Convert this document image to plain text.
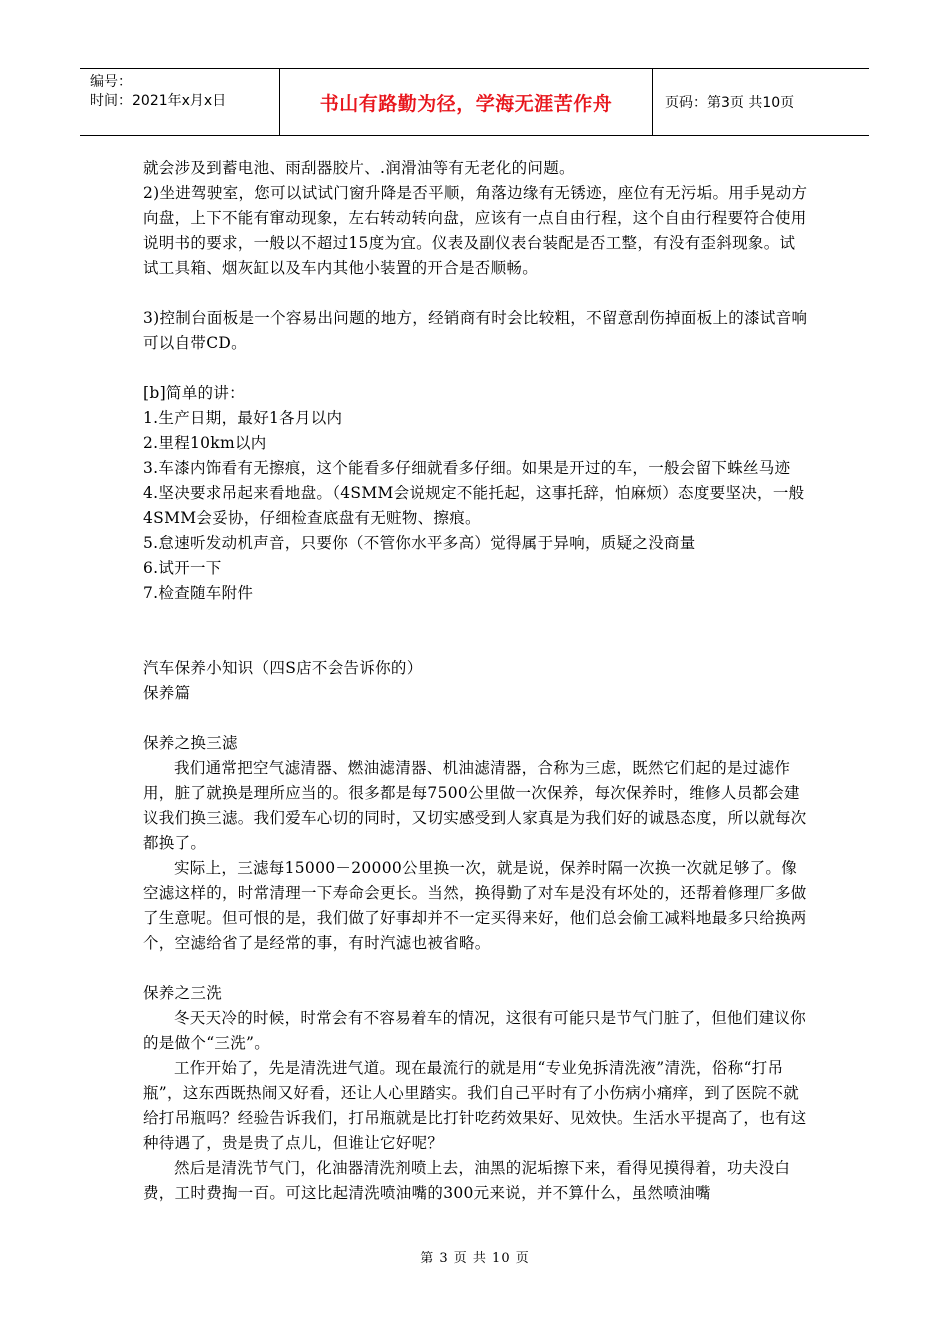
编号：
时间：2021年x月x日	书山有路勤为径，学海无涯苦作舟	页码：第3页 共10页

就会涉及到蓄电池、雨刮器胶片、.润滑油等有无老化的问题。

2)坐进驾驶室，您可以试试门窗升降是否平顺，角落边缘有无锈迹，座位有无污垢。用手晃动方向盘，上下不能有窜动现象，左右转动转向盘，应该有一点自由行程，这个自由行程要符合使用说明书的要求，一般以不超过15度为宜。仪表及副仪表台装配是否工整，有没有歪斜现象。试试工具箱、烟灰缸以及车内其他小装置的开合是否顺畅。

3)控制台面板是一个容易出问题的地方，经销商有时会比较粗，不留意刮伤掉面板上的漆试音响可以自带CD。

[b]简单的讲：

1.生产日期，最好1各月以内

2.里程10km以内

3.车漆内饰看有无擦痕，这个能看多仔细就看多仔细。如果是开过的车，一般会留下蛛丝马迹

4.坚决要求吊起来看地盘。（4SMM会说规定不能托起，这事托辞，怕麻烦）态度要坚决，一般4SMM会妥协，仔细检查底盘有无赃物、擦痕。

5.怠速听发动机声音，只要你（不管你水平多高）觉得属于异响，质疑之没商量

6.试开一下

7.检查随车附件

汽车保养小知识（四S店不会告诉你的）

保养篇

保养之换三滤

我们通常把空气滤清器、燃油滤清器、机油滤清器，合称为三虑，既然它们起的是过滤作用，脏了就换是理所应当的。很多都是每7500公里做一次保养，每次保养时，维修人员都会建议我们换三滤。我们爱车心切的同时，又切实感受到人家真是为我们好的诚恳态度，所以就每次都换了。

实际上，三滤每15000－20000公里换一次，就是说，保养时隔一次换一次就足够了。像空滤这样的，时常清理一下寿命会更长。当然，换得勤了对车是没有坏处的，还帮着修理厂多做了生意呢。但可恨的是，我们做了好事却并不一定买得来好，他们总会偷工减料地最多只给换两个，空滤给省了是经常的事，有时汽滤也被省略。

保养之三洗

冬天天冷的时候，时常会有不容易着车的情况，这很有可能只是节气门脏了，但他们建议你的是做个“三洗”。

工作开始了，先是清洗进气道。现在最流行的就是用“专业免拆清洗液”清洗，俗称“打吊瓶”，这东西既热闹又好看，还让人心里踏实。我们自己平时有了小伤病小痛痒，到了医院不就给打吊瓶吗？经验告诉我们，打吊瓶就是比打针吃药效果好、见效快。生活水平提高了，也有这种待遇了，贵是贵了点儿，但谁让它好呢？

然后是清洗节气门，化油器清洗剂喷上去，油黑的泥垢擦下来，看得见摸得着，功夫没白费，工时费掏一百。可这比起清洗喷油嘴的300元来说，并不算什么，虽然喷油嘴

第 3 页 共 10 页
